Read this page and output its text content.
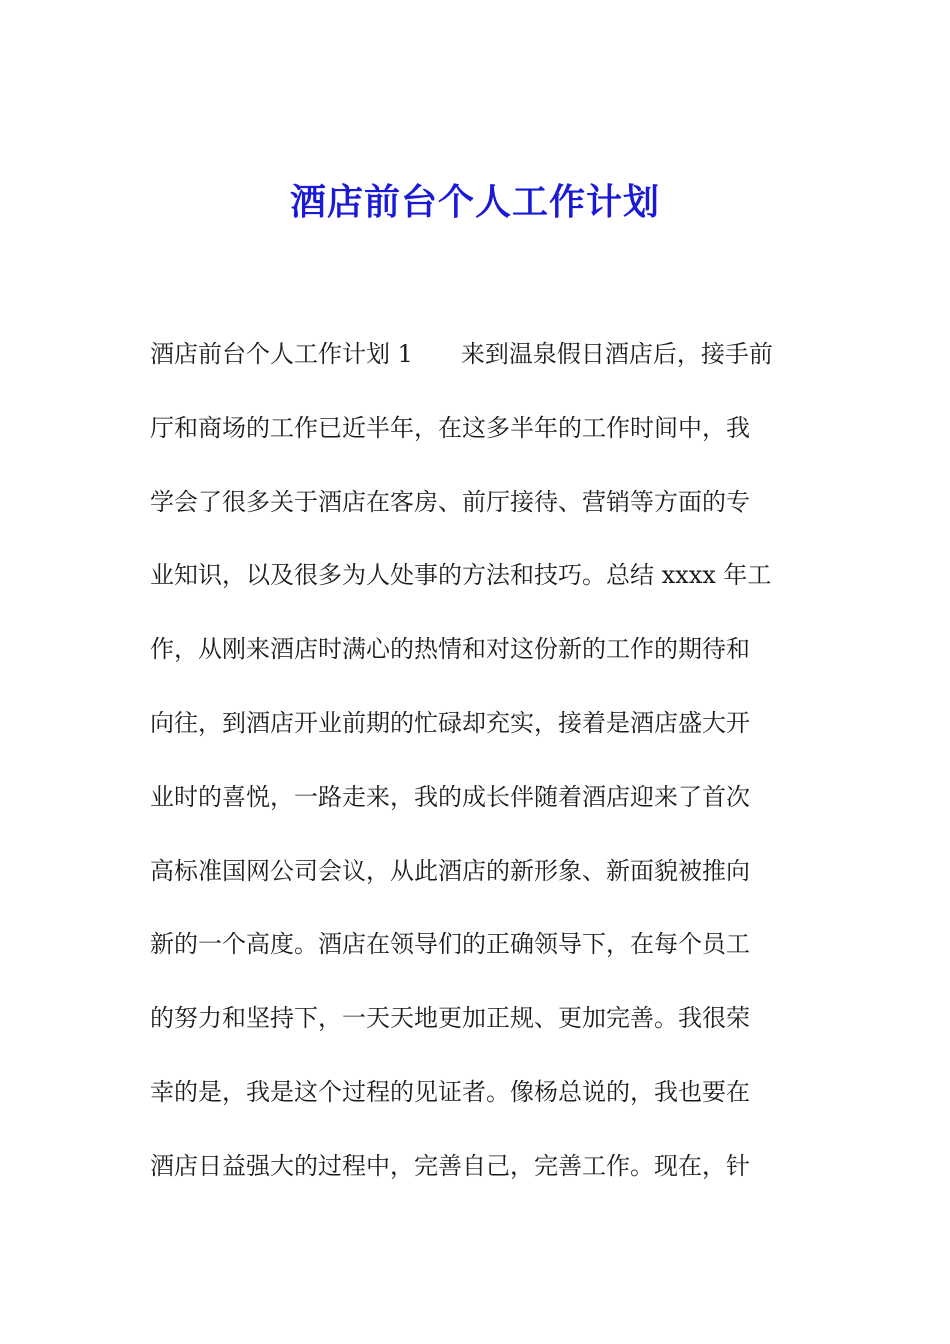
酒店前台个人工作计划
酒店前台个人工作计划 1　　来到温泉假日酒店后，接手前
厅和商场的工作已近半年，在这多半年的工作时间中，我
学会了很多关于酒店在客房、前厅接待、营销等方面的专
业知识，以及很多为人处事的方法和技巧。总结 xxxx 年工
作，从刚来酒店时满心的热情和对这份新的工作的期待和
向往，到酒店开业前期的忙碌却充实，接着是酒店盛大开
业时的喜悦，一路走来，我的成长伴随着酒店迎来了首次
高标准国网公司会议，从此酒店的新形象、新面貌被推向
新的一个高度。酒店在领导们的正确领导下，在每个员工
的努力和坚持下，一天天地更加正规、更加完善。我很荣
幸的是，我是这个过程的见证者。像杨总说的，我也要在
酒店日益强大的过程中，完善自己，完善工作。现在，针
